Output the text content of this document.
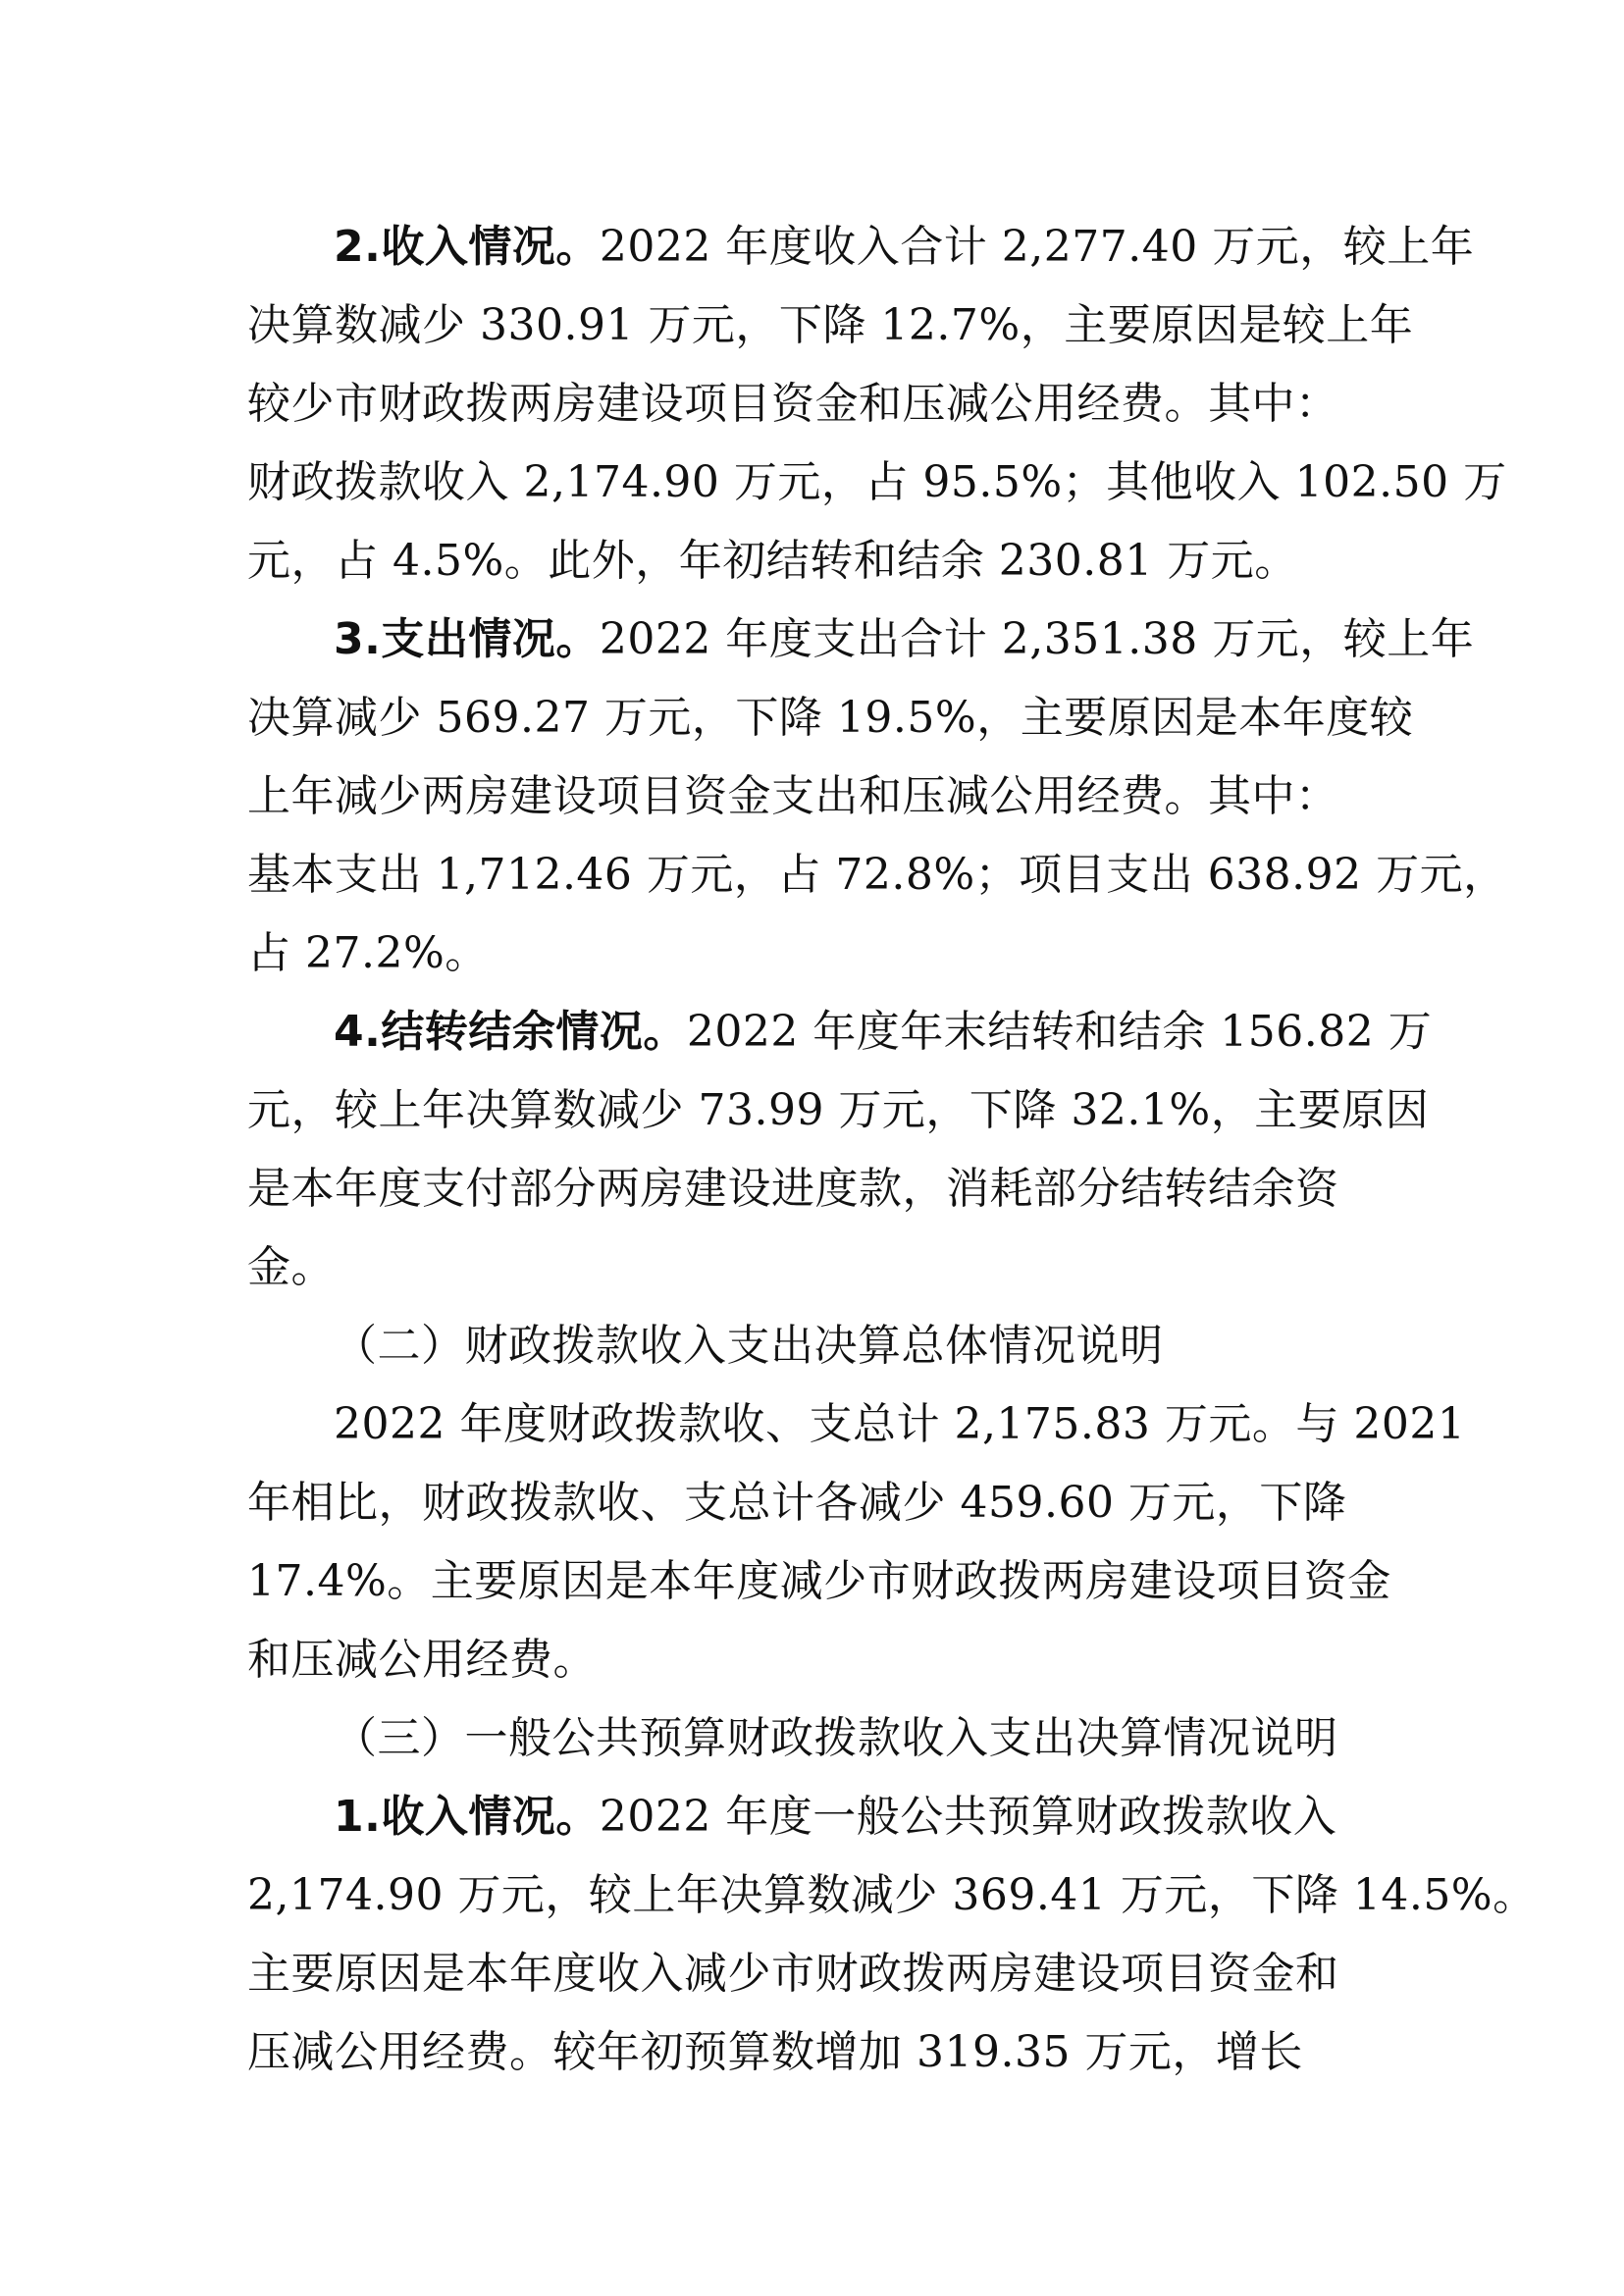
2.收入情况。2022 年度收入合计 2,277.40 万元，较上年
决算数减少 330.91 万元，下降 12.7%，主要原因是较上年
较少市财政拨两房建设项目资金和压减公用经费。其中：
财政拨款收入 2,174.90 万元，占 95.5%；其他收入 102.50 万
元，占 4.5%。此外，年初结转和结余 230.81 万元。
3.支出情况。2022 年度支出合计 2,351.38 万元，较上年
决算减少 569.27 万元，下降 19.5%，主要原因是本年度较
上年减少两房建设项目资金支出和压减公用经费。其中：
基本支出 1,712.46 万元，占 72.8%；项目支出 638.92 万元，
占 27.2%。
4.结转结余情况。2022 年度年末结转和结余 156.82 万
元，较上年决算数减少 73.99 万元，下降 32.1%，主要原因
是本年度支付部分两房建设进度款，消耗部分结转结余资
金。
（二）财政拨款收入支出决算总体情况说明
2022 年度财政拨款收、支总计 2,175.83 万元。与 2021
年相比，财政拨款收、支总计各减少 459.60 万元，下降
17.4%。主要原因是本年度减少市财政拨两房建设项目资金
和压减公用经费。
（三）一般公共预算财政拨款收入支出决算情况说明
1.收入情况。2022 年度一般公共预算财政拨款收入
2,174.90 万元，较上年决算数减少 369.41 万元，下降 14.5%。
主要原因是本年度收入减少市财政拨两房建设项目资金和
压减公用经费。较年初预算数增加 319.35 万元，增长
